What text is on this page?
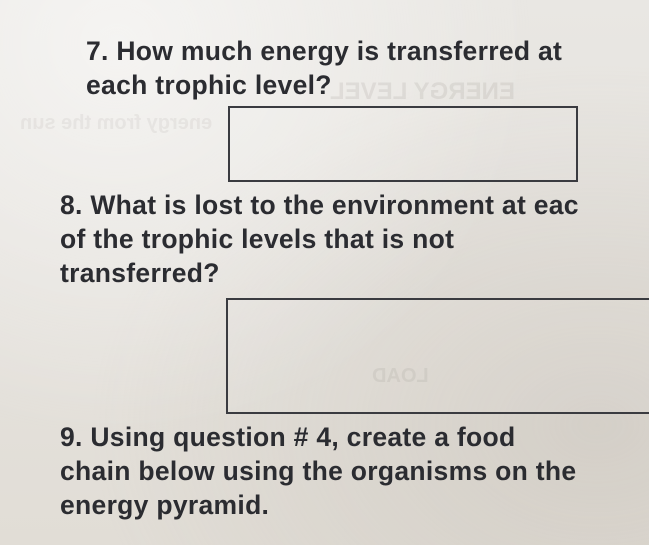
ENERGY LEVEL
energy from the sun
LOAD

7. How much energy is transferred at
each trophic level?

8. What is lost to the environment at eac
of the trophic levels that is not
transferred?

9. Using question # 4, create a food
chain below using the organisms on the
energy pyramid.
